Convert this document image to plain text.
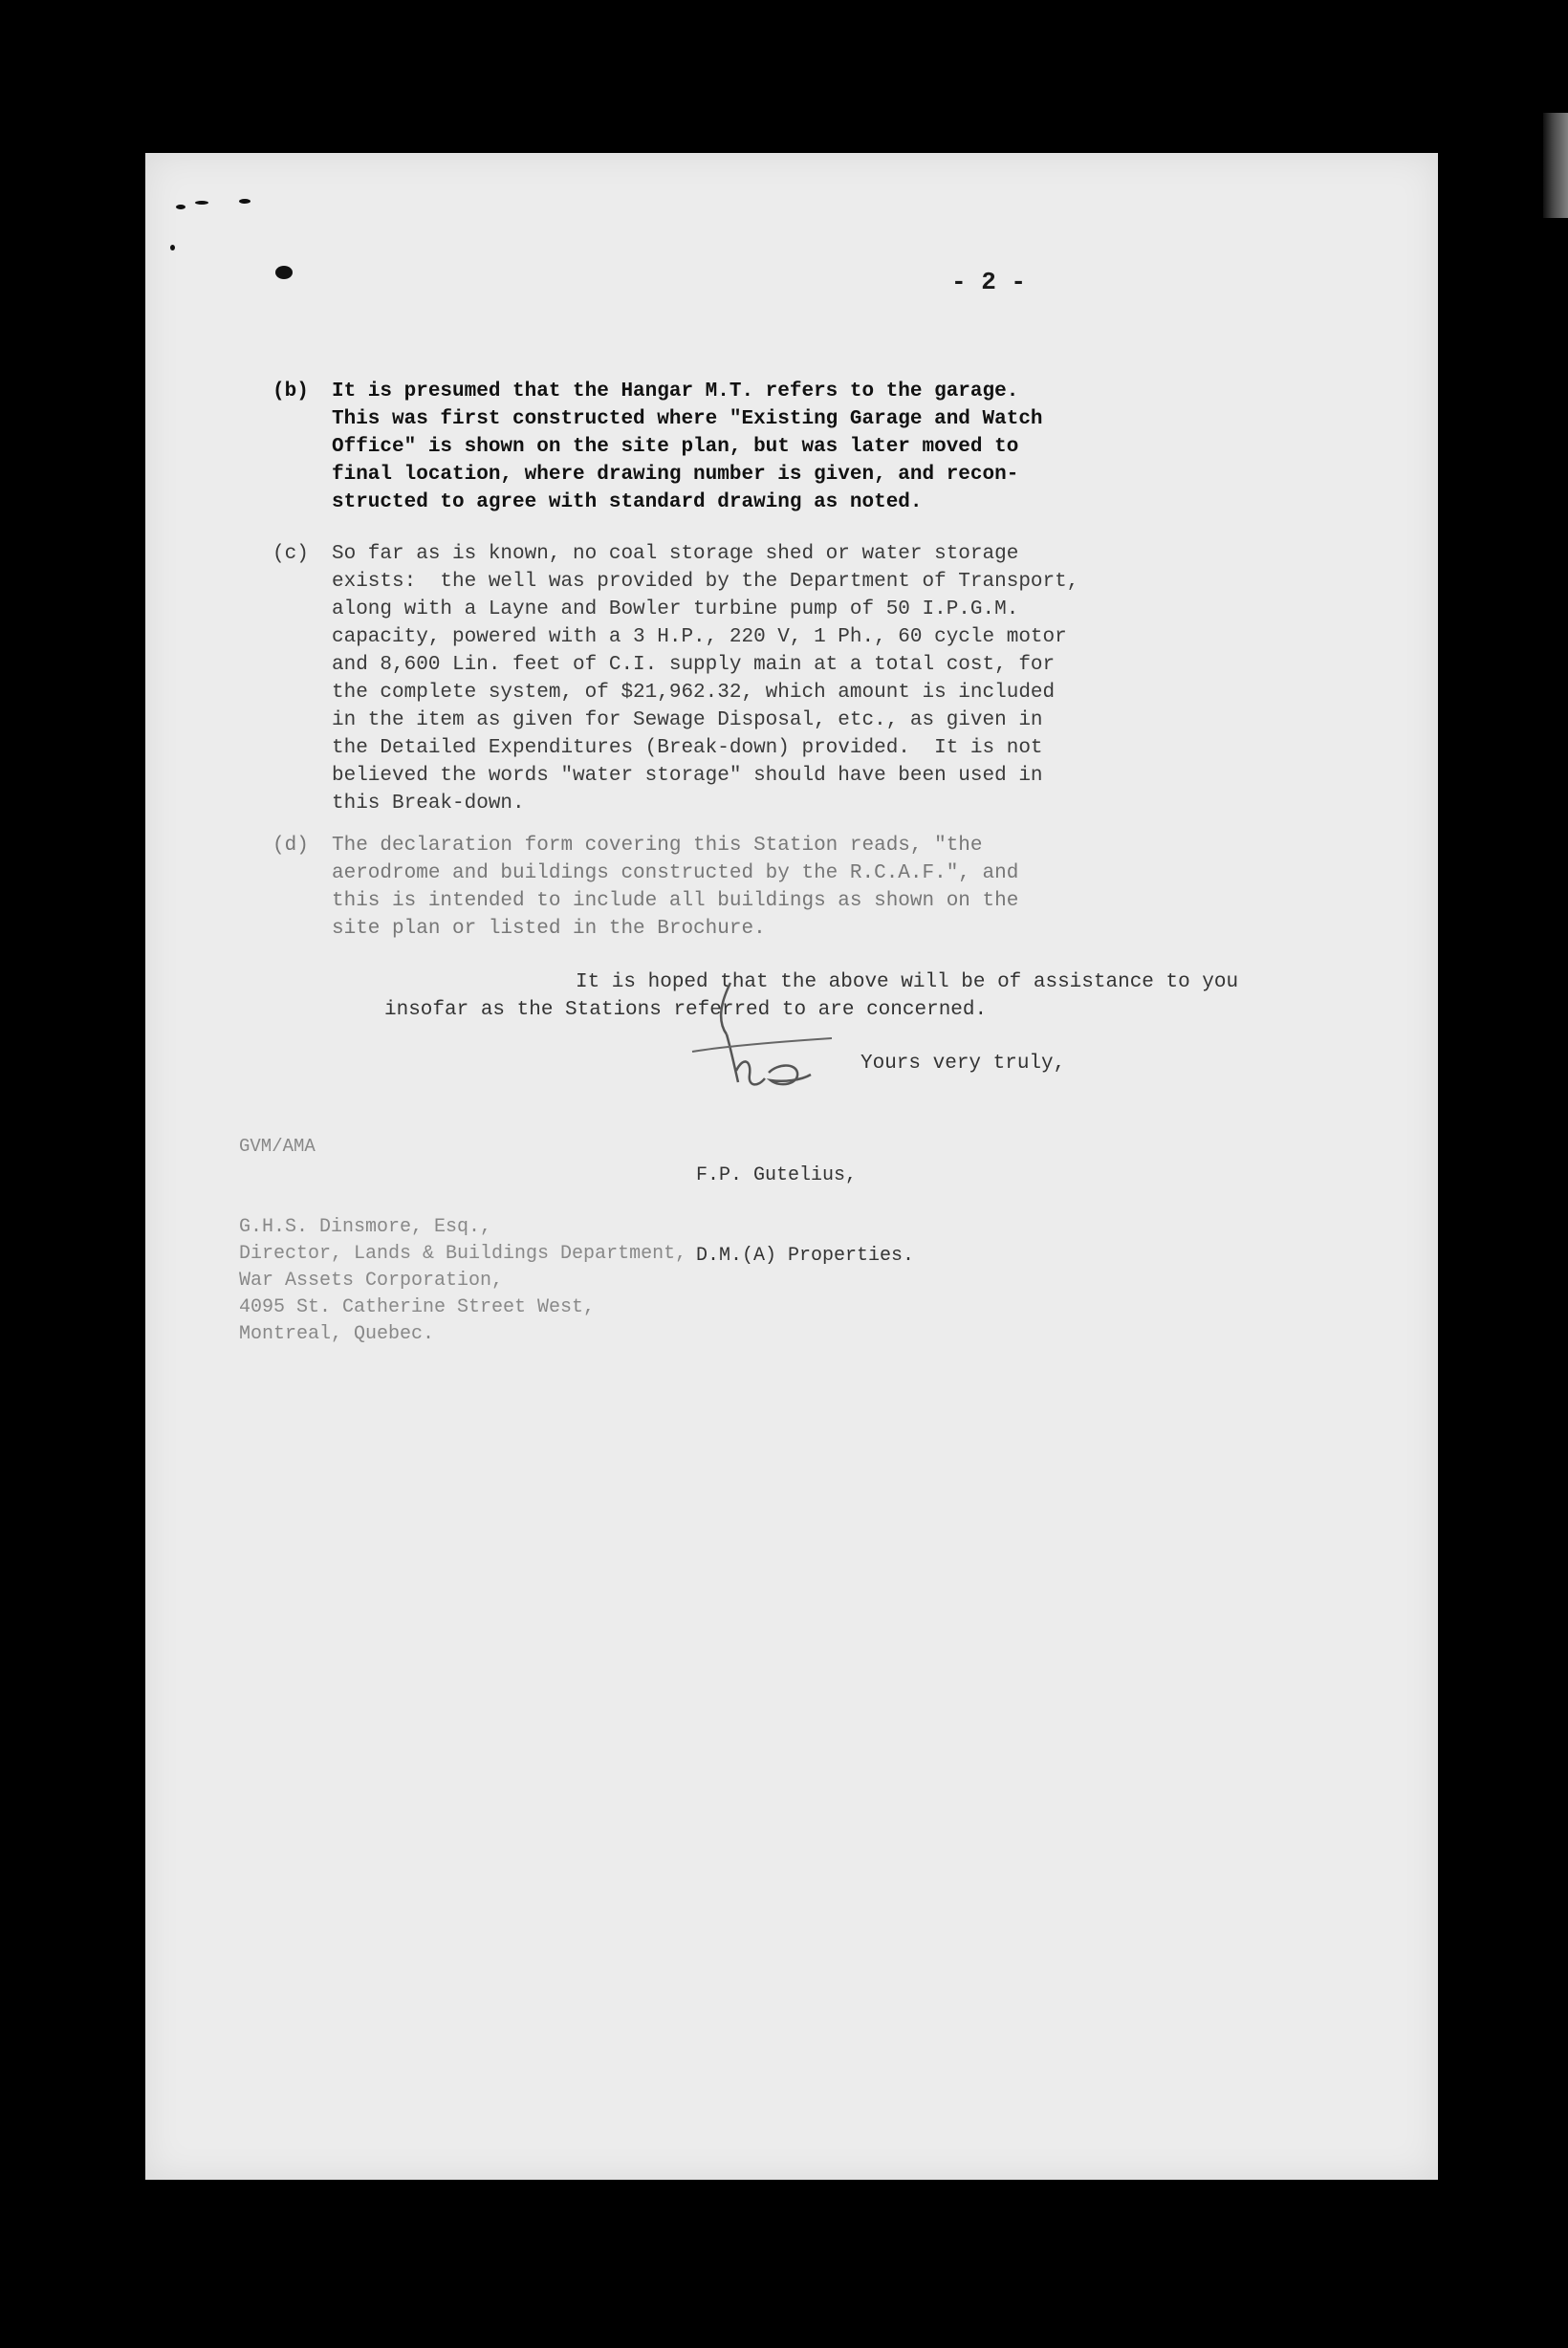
- 2 -
(b) It is presumed that the Hangar M.T. refers to the garage.
This was first constructed where "Existing Garage and Watch
Office" is shown on the site plan, but was later moved to
final location, where drawing number is given, and recon-
structed to agree with standard drawing as noted.
(c) So far as is known, no coal storage shed or water storage
exists:  the well was provided by the Department of Transport,
along with a Layne and Bowler turbine pump of 50 I.P.G.M.
capacity, powered with a 3 H.P., 220 V, 1 Ph., 60 cycle motor
and 8,600 Lin. feet of C.I. supply main at a total cost, for
the complete system, of $21,962.32, which amount is included
in the item as given for Sewage Disposal, etc., as given in
the Detailed Expenditures (Break-down) provided.  It is not
believed the words "water storage" should have been used in
this Break-down.
(d) The declaration form covering this Station reads, "the
aerodrome and buildings constructed by the R.C.A.F.", and
this is intended to include all buildings as shown on the
site plan or listed in the Brochure.
It is hoped that the above will be of assistance to you
insofar as the Stations referred to are concerned.
Yours very truly,

F.P. Gutelius,

D.M.(A) Properties.

GVM/AMA
G.H.S. Dinsmore, Esq.,
Director, Lands & Buildings Department,
War Assets Corporation,
4095 St. Catherine Street West,
Montreal, Quebec.
